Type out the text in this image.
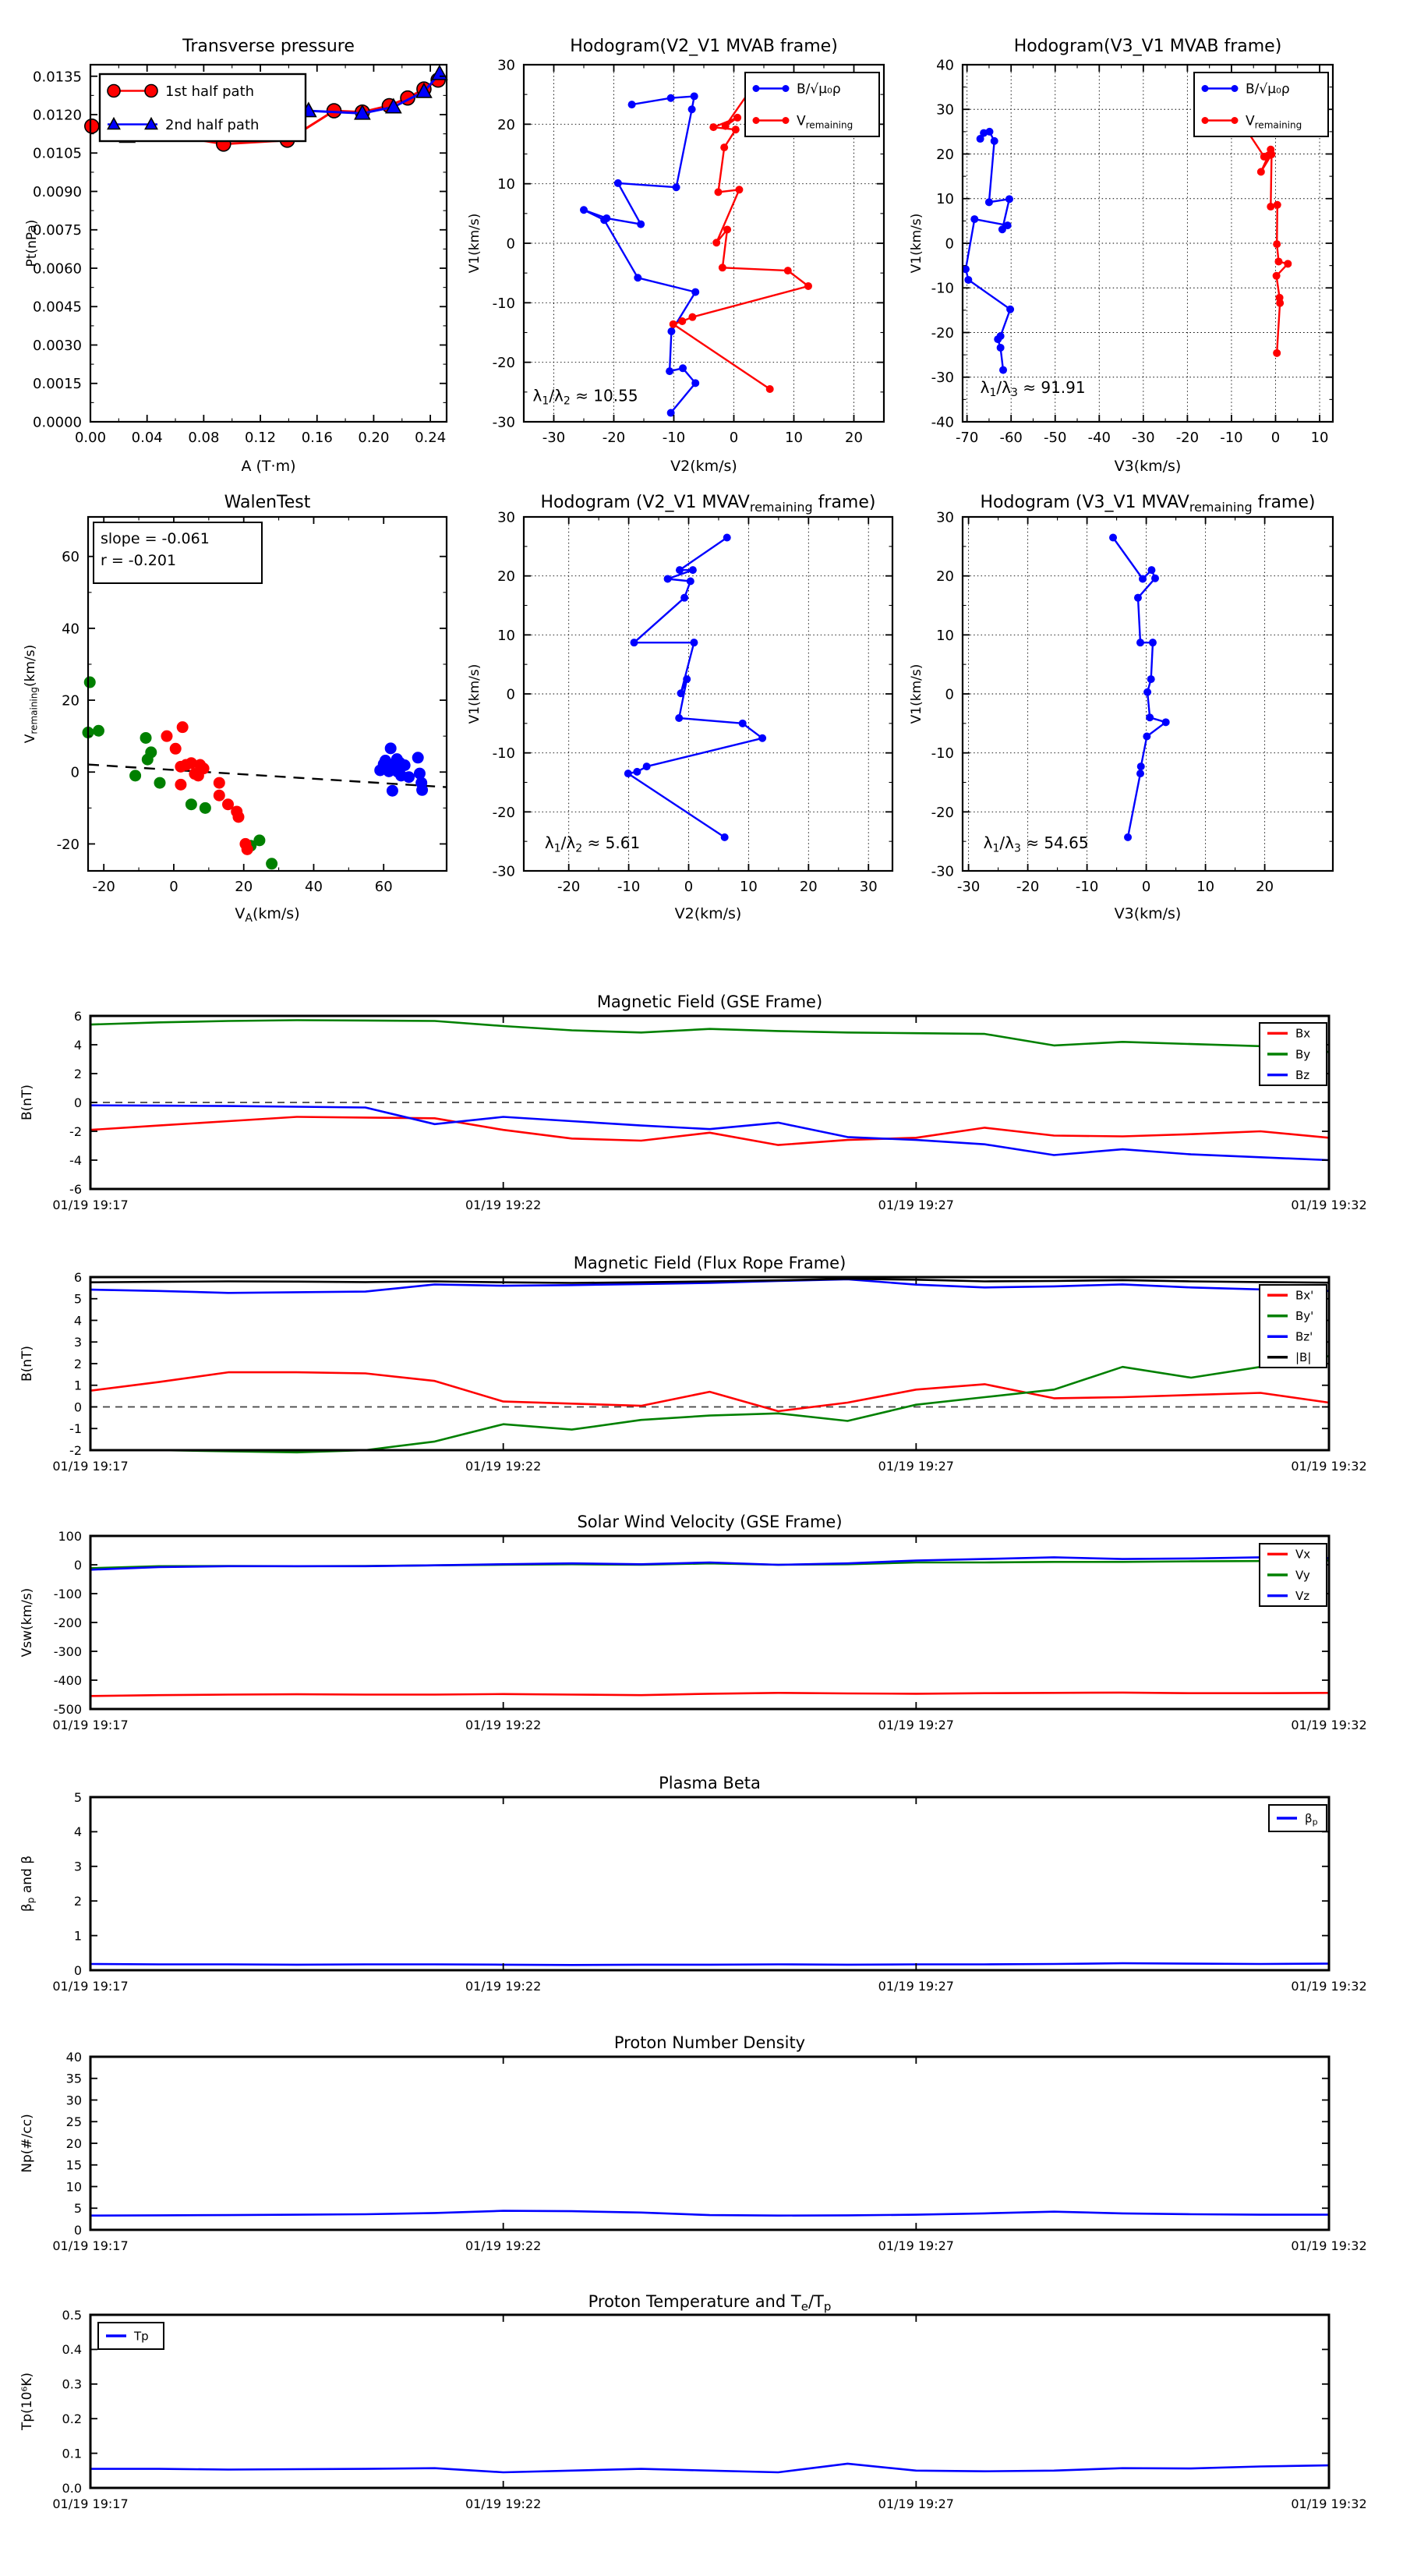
0.00 0.04 0.08 0.12 0.16 0.20 0.24
0.0000
0.0015
0.0030
0.0045
0.0060
0.0075
0.0090
0.0105
0.0120
0.0135
Transverse pressure
A (T·m)
Pt(nPa)
1st half path
2nd half path
-30	-20	-10	0	10	20
-30
-20
-10
0
10
20
30
Hodogram(V2_V1 MVAB frame)
V2(km/s)
V1(km/s)
B/√μ₀ρ
$V_{remaining}$
$\lambda_1/\lambda_2 \approx 10.55$
-70 -60 -50 -40 -30 -20 -10 0 10
-40
-30
-20
-10
0
10
20
30
40
Hodogram(V3_V1 MVAB frame)
V3(km/s)
V1(km/s)
B/√μ₀ρ
$V_{remaining}$
$\lambda_1/\lambda_3 \approx 91.91$
-20	0	20	40	60
-20
0
20
40
60
WalenTest
$V_A(km/s)$
$V_{remaining}(km/s)$
slope = -0.061
r = -0.201
-20	-10	0	10	20	30
-30
-20
-10
0
10
20
30
Hodogram (V2_V1 $MVAV_{remaining}$ frame)
V2(km/s)
V1(km/s)
$\lambda_1/\lambda_2 \approx 5.61$
-30	-20	-10	0	10	20
-30
-20
-10
0
10
20
30
Hodogram (V3_V1 $MVAV_{remaining}$ frame)
V3(km/s)
V1(km/s)
$\lambda_1/\lambda_3 \approx 54.65$
01/19 19:17	01/19 19:22	01/19 19:27	01/19 19:32
-6
-4
-2
0
2
4
6
Magnetic Field (GSE Frame)
B(nT)
Bx
By
Bz
01/19 19:17	01/19 19:22	01/19 19:27	01/19 19:32
-2
-1
0
1
2
3
4
5
6
Magnetic Field (Flux Rope Frame)
B(nT)
Bx'
By'
Bz'
|B|
01/19 19:17	01/19 19:22	01/19 19:27	01/19 19:32
-500
-400
-300
-200
-100
0
100
Solar Wind Velocity (GSE Frame)
Vsw(km/s)
Vx
Vy
Vz
01/19 19:17	01/19 19:22	01/19 19:27	01/19 19:32
0
1
2
3
4
5
Plasma Beta
$\beta_p$ and β
$\beta_p$
01/19 19:17	01/19 19:22	01/19 19:27	01/19 19:32
0
5
10
15
20
25
30
35
40
Proton Number Density
Np(#/cc)
01/19 19:17	01/19 19:22	01/19 19:27	01/19 19:32
0.0
0.1
0.2
0.3
0.4
0.5
Proton Temperature and $T_e/T_p$
Tp(10⁶K)
Tp
